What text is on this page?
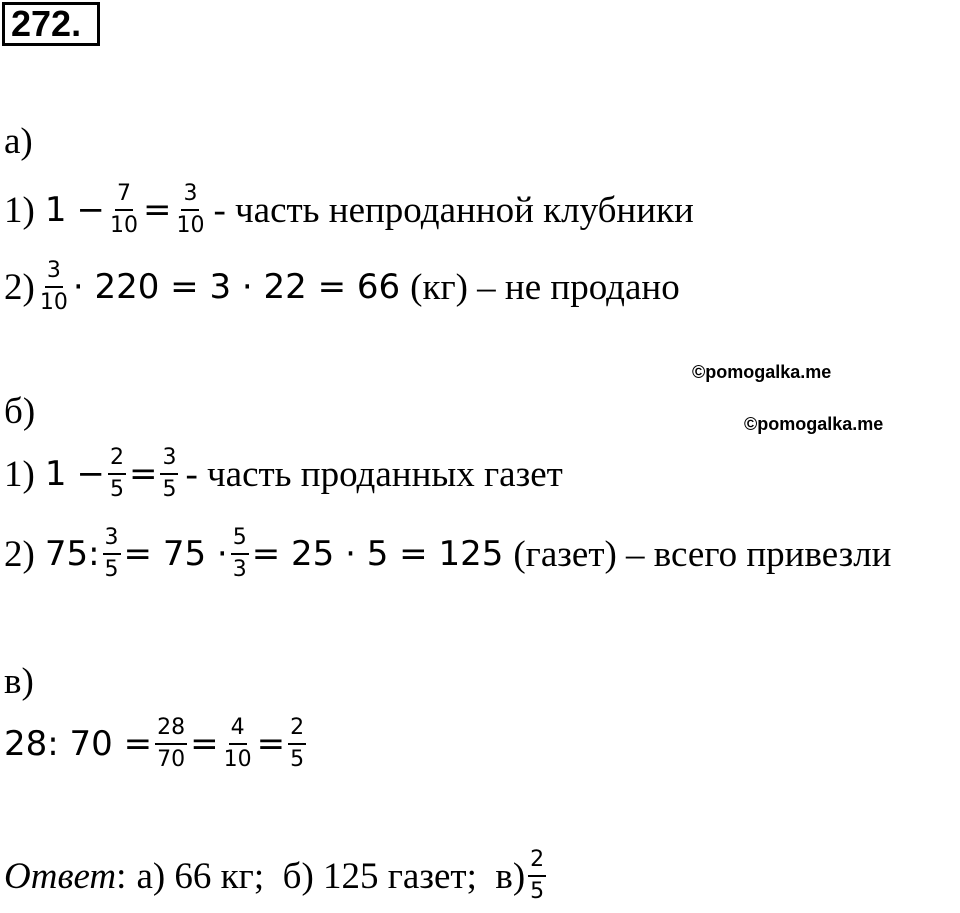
272.
а)
1) $1 - \frac{7}{10} = \frac{3}{10}$ - часть непроданной клубники
$2) \frac{3}{10} \cdot 220 = 3 \cdot 22 = 66$ (кг) – не продано
©pomogalka.me
б)	©pomogalka.me
1) $1 - \frac{2}{5} = \frac{3}{5}$ - часть проданных газет
2) 75: $\frac{3}{5} = 75 \cdot \frac{5}{3} = 25 \cdot 5 = 125$ (газет) – всего привезли
в)
28: $70 = \frac{28}{70} = \frac{4}{10} = \frac{2}{5}$
Ответ : а) 66 кг;  б) 125 газет;  $в) \frac{2}{5}$
